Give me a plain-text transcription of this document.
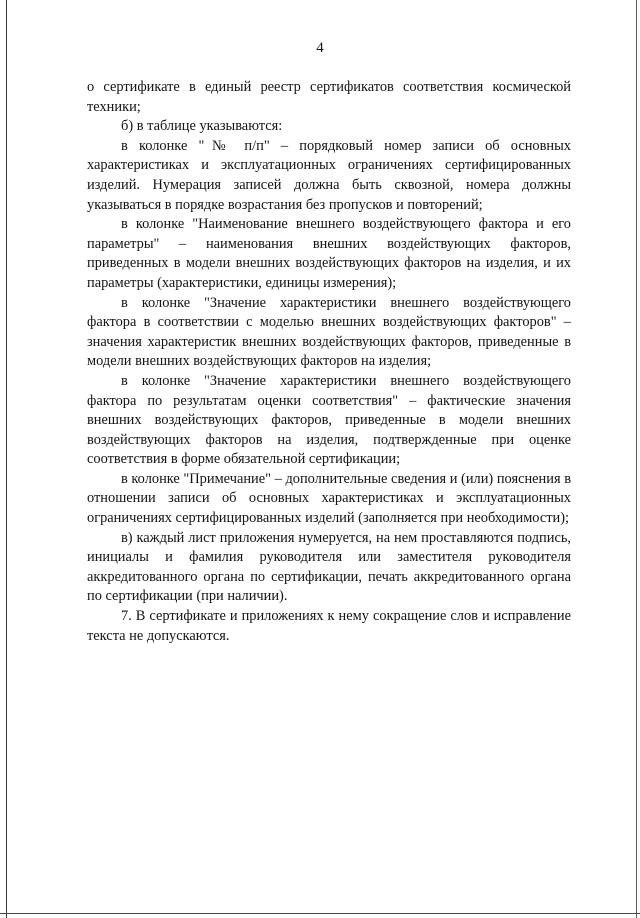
4

о сертификате в единый реестр сертификатов соответствия космической техники;

б) в таблице указываются:

в колонке "№ п/п" – порядковый номер записи об основных характеристиках и эксплуатационных ограничениях сертифицированных изделий. Нумерация записей должна быть сквозной, номера должны указываться в порядке возрастания без пропусков и повторений;

в колонке "Наименование внешнего воздействующего фактора и его параметры" – наименования внешних воздействующих факторов, приведенных в модели внешних воздействующих факторов на изделия, и их параметры (характеристики, единицы измерения);

в колонке "Значение характеристики внешнего воздействующего фактора в соответствии с моделью внешних воздействующих факторов" – значения характеристик внешних воздействующих факторов, приведенные в модели внешних воздействующих факторов на изделия;

в колонке "Значение характеристики внешнего воздействующего фактора по результатам оценки соответствия" – фактические значения внешних воздействующих факторов, приведенные в модели внешних воздействующих факторов на изделия, подтвержденные при оценке соответствия в форме обязательной сертификации;

в колонке "Примечание" – дополнительные сведения и (или) пояснения в отношении записи об основных характеристиках и эксплуатационных ограничениях сертифицированных изделий (заполняется при необходимости);

в) каждый лист приложения нумеруется, на нем проставляются подпись, инициалы и фамилия руководителя или заместителя руководителя аккредитованного органа по сертификации, печать аккредитованного органа по сертификации (при наличии).

7. В сертификате и приложениях к нему сокращение слов и исправление текста не допускаются.
